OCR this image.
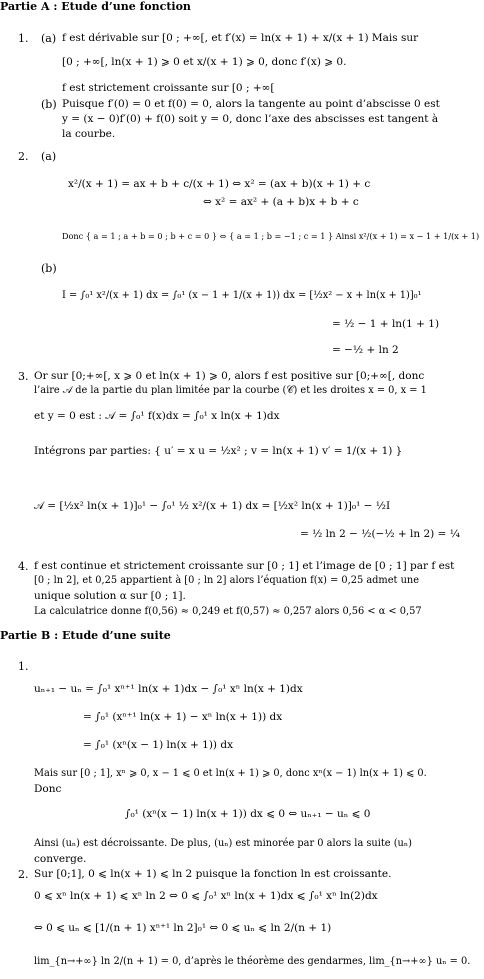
Partie A : Etude d’une fonction
1. (a) f est dérivable sur [0 ; +∞[, et f′(x) = ln(x + 1) + x/(x + 1) Mais sur
[0 ; +∞[, ln(x + 1) ⩾ 0 et x/(x + 1) ⩾ 0, donc f′(x) ⩾ 0.
f est strictement croissante sur [0 ; +∞[
(b) Puisque f′(0) = 0 et f(0) = 0, alors la tangente au point d’abscisse 0 est
y = (x − 0)f′(0) + f(0) soit y = 0, donc l’axe des abscisses est tangent à
la courbe.
2. (a)
x²/(x + 1) = ax + b + c/(x + 1) ⇔ x² = (ax + b)(x + 1) + c
⇔ x² = ax² + (a + b)x + b + c
Donc { a = 1 ; a + b = 0 ; b + c = 0 } ⇔ { a = 1 ; b = −1 ; c = 1 } Ainsi x²/(x + 1) = x − 1 + 1/(x + 1)
(b)
I = ∫₀¹ x²/(x + 1) dx = ∫₀¹ (x − 1 + 1/(x + 1)) dx = [½x² − x + ln(x + 1)]₀¹
= ½ − 1 + ln(1 + 1)
= −½ + ln 2
3. Or sur [0;+∞[, x ⩾ 0 et ln(x + 1) ⩾ 0, alors f est positive sur [0;+∞[, donc
l’aire 𝒜 de la partie du plan limitée par la courbe (𝒞) et les droites x = 0, x = 1
et y = 0 est : 𝒜 = ∫₀¹ f(x)dx = ∫₀¹ x ln(x + 1)dx
Intégrons par parties: { u′ = x u = ½x² ; v = ln(x + 1) v′ = 1/(x + 1) }
𝒜 = [½x² ln(x + 1)]₀¹ − ∫₀¹ ½ x²/(x + 1) dx = [½x² ln(x + 1)]₀¹ − ½I
= ½ ln 2 − ½(−½ + ln 2) = ¼
4. f est continue et strictement croissante sur [0 ; 1] et l’image de [0 ; 1] par f est
[0 ; ln 2], et 0,25 appartient à [0 ; ln 2] alors l’équation f(x) = 0,25 admet une
unique solution α sur [0 ; 1].
La calculatrice donne f(0,56) ≈ 0,249 et f(0,57) ≈ 0,257 alors 0,56 < α < 0,57
Partie B : Etude d’une suite
1.
uₙ₊₁ − uₙ = ∫₀¹ xⁿ⁺¹ ln(x + 1)dx − ∫₀¹ xⁿ ln(x + 1)dx
= ∫₀¹ (xⁿ⁺¹ ln(x + 1) − xⁿ ln(x + 1)) dx
= ∫₀¹ (xⁿ(x − 1) ln(x + 1)) dx
Mais sur [0 ; 1], xⁿ ⩾ 0, x − 1 ⩽ 0 et ln(x + 1) ⩾ 0, donc xⁿ(x − 1) ln(x + 1) ⩽ 0.
Donc
∫₀¹ (xⁿ(x − 1) ln(x + 1)) dx ⩽ 0 ⇔ uₙ₊₁ − uₙ ⩽ 0
Ainsi (uₙ) est décroissante. De plus, (uₙ) est minorée par 0 alors la suite (uₙ)
converge.
2. Sur [0;1], 0 ⩽ ln(x + 1) ⩽ ln 2 puisque la fonction ln est croissante.
0 ⩽ xⁿ ln(x + 1) ⩽ xⁿ ln 2 ⇔ 0 ⩽ ∫₀¹ xⁿ ln(x + 1)dx ⩽ ∫₀¹ xⁿ ln(2)dx
⇔ 0 ⩽ uₙ ⩽ [1/(n + 1) xⁿ⁺¹ ln 2]₀¹ ⇔ 0 ⩽ uₙ ⩽ ln 2/(n + 1)
lim_{n→+∞} ln 2/(n + 1) = 0, d’après le théorème des gendarmes, lim_{n→+∞} uₙ = 0.
